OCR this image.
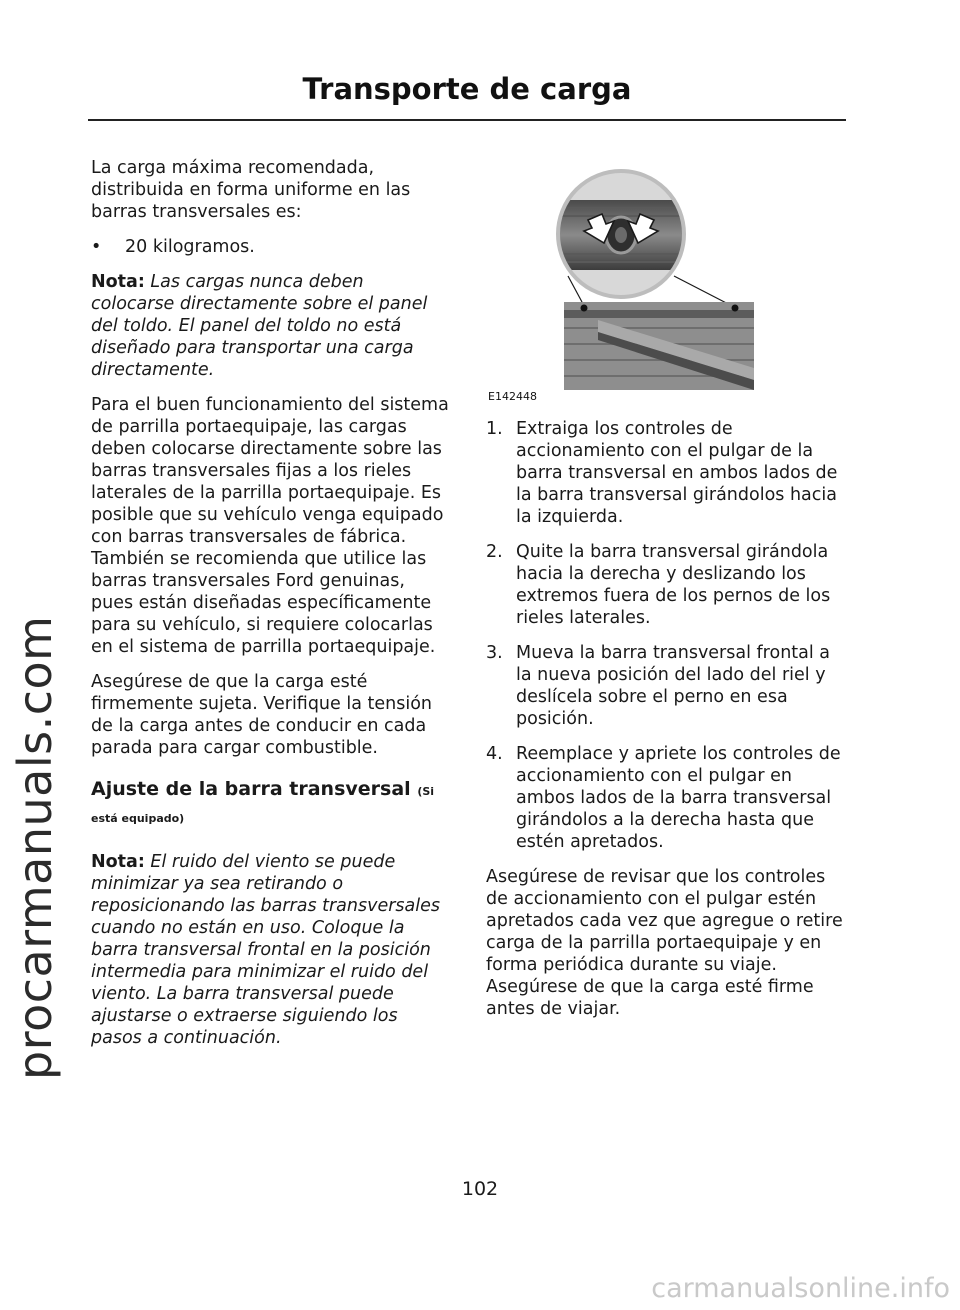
procarmanuals.com
carmanualsonline.info
Transporte de carga

La carga máxima recomendada, distribuida en forma uniforme en las barras transversales es:

•	20 kilogramos.

Nota: Las cargas nunca deben colocarse directamente sobre el panel del toldo. El panel del toldo no está diseñado para transportar una carga directamente.

Para el buen funcionamiento del sistema de parrilla portaequipaje, las cargas deben colocarse directamente sobre las barras transversales fijas a los rieles laterales de la parrilla portaequipaje. Es posible que su vehículo venga equipado con barras transversales de fábrica. También se recomienda que utilice las barras transversales Ford genuinas, pues están diseñadas específicamente para su vehículo, si requiere colocarlas en el sistema de parrilla portaequipaje.

Asegúrese de que la carga esté firmemente sujeta. Verifique la tensión de la carga antes de conducir en cada parada para cargar combustible.

Ajuste de la barra transversal (Si está equipado)

Nota: El ruido del viento se puede minimizar ya sea retirando o reposicionando las barras transversales cuando no están en uso. Coloque la barra transversal frontal en la posición intermedia para minimizar el ruido del viento. La barra transversal puede ajustarse o extraerse siguiendo los pasos a continuación.

E142448
1. Extraiga los controles de accionamiento con el pulgar de la barra transversal en ambos lados de la barra transversal girándolos hacia la izquierda.
2. Quite la barra transversal girándola hacia la derecha y deslizando los extremos fuera de los pernos de los rieles laterales.
3. Mueva la barra transversal frontal a la nueva posición del lado del riel y deslícela sobre el perno en esa posición.
4. Reemplace y apriete los controles de accionamiento con el pulgar en ambos lados de la barra transversal girándolos a la derecha hasta que estén apretados.

Asegúrese de revisar que los controles de accionamiento con el pulgar estén apretados cada vez que agregue o retire carga de la parrilla portaequipaje y en forma periódica durante su viaje. Asegúrese de que la carga esté firme antes de viajar.

102
